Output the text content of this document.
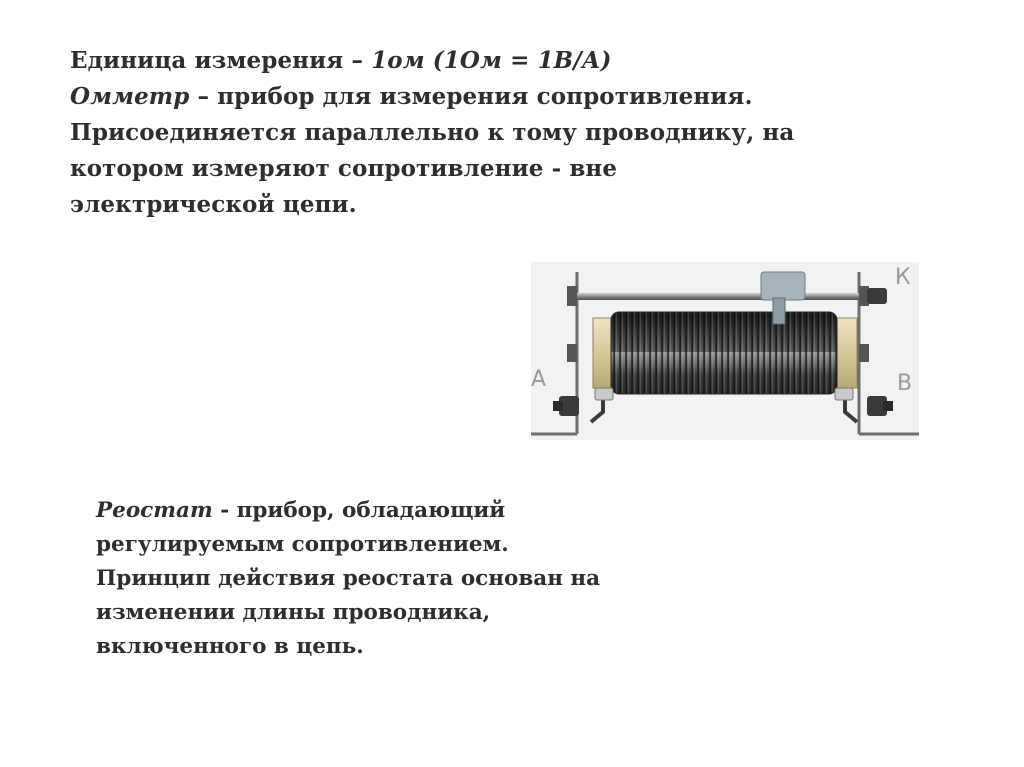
Единица измерения – 1ом (1Ом = 1В/А)
Омметр – прибор для измерения сопротивления.
Присоединяется параллельно к тому проводнику, на
котором измеряют сопротивление - вне
электрической цепи.
К
А	В
Реостат - прибор, обладающий
регулируемым сопротивлением.
Принцип действия реостата основан на
изменении длины проводника,
включенного в цепь.
